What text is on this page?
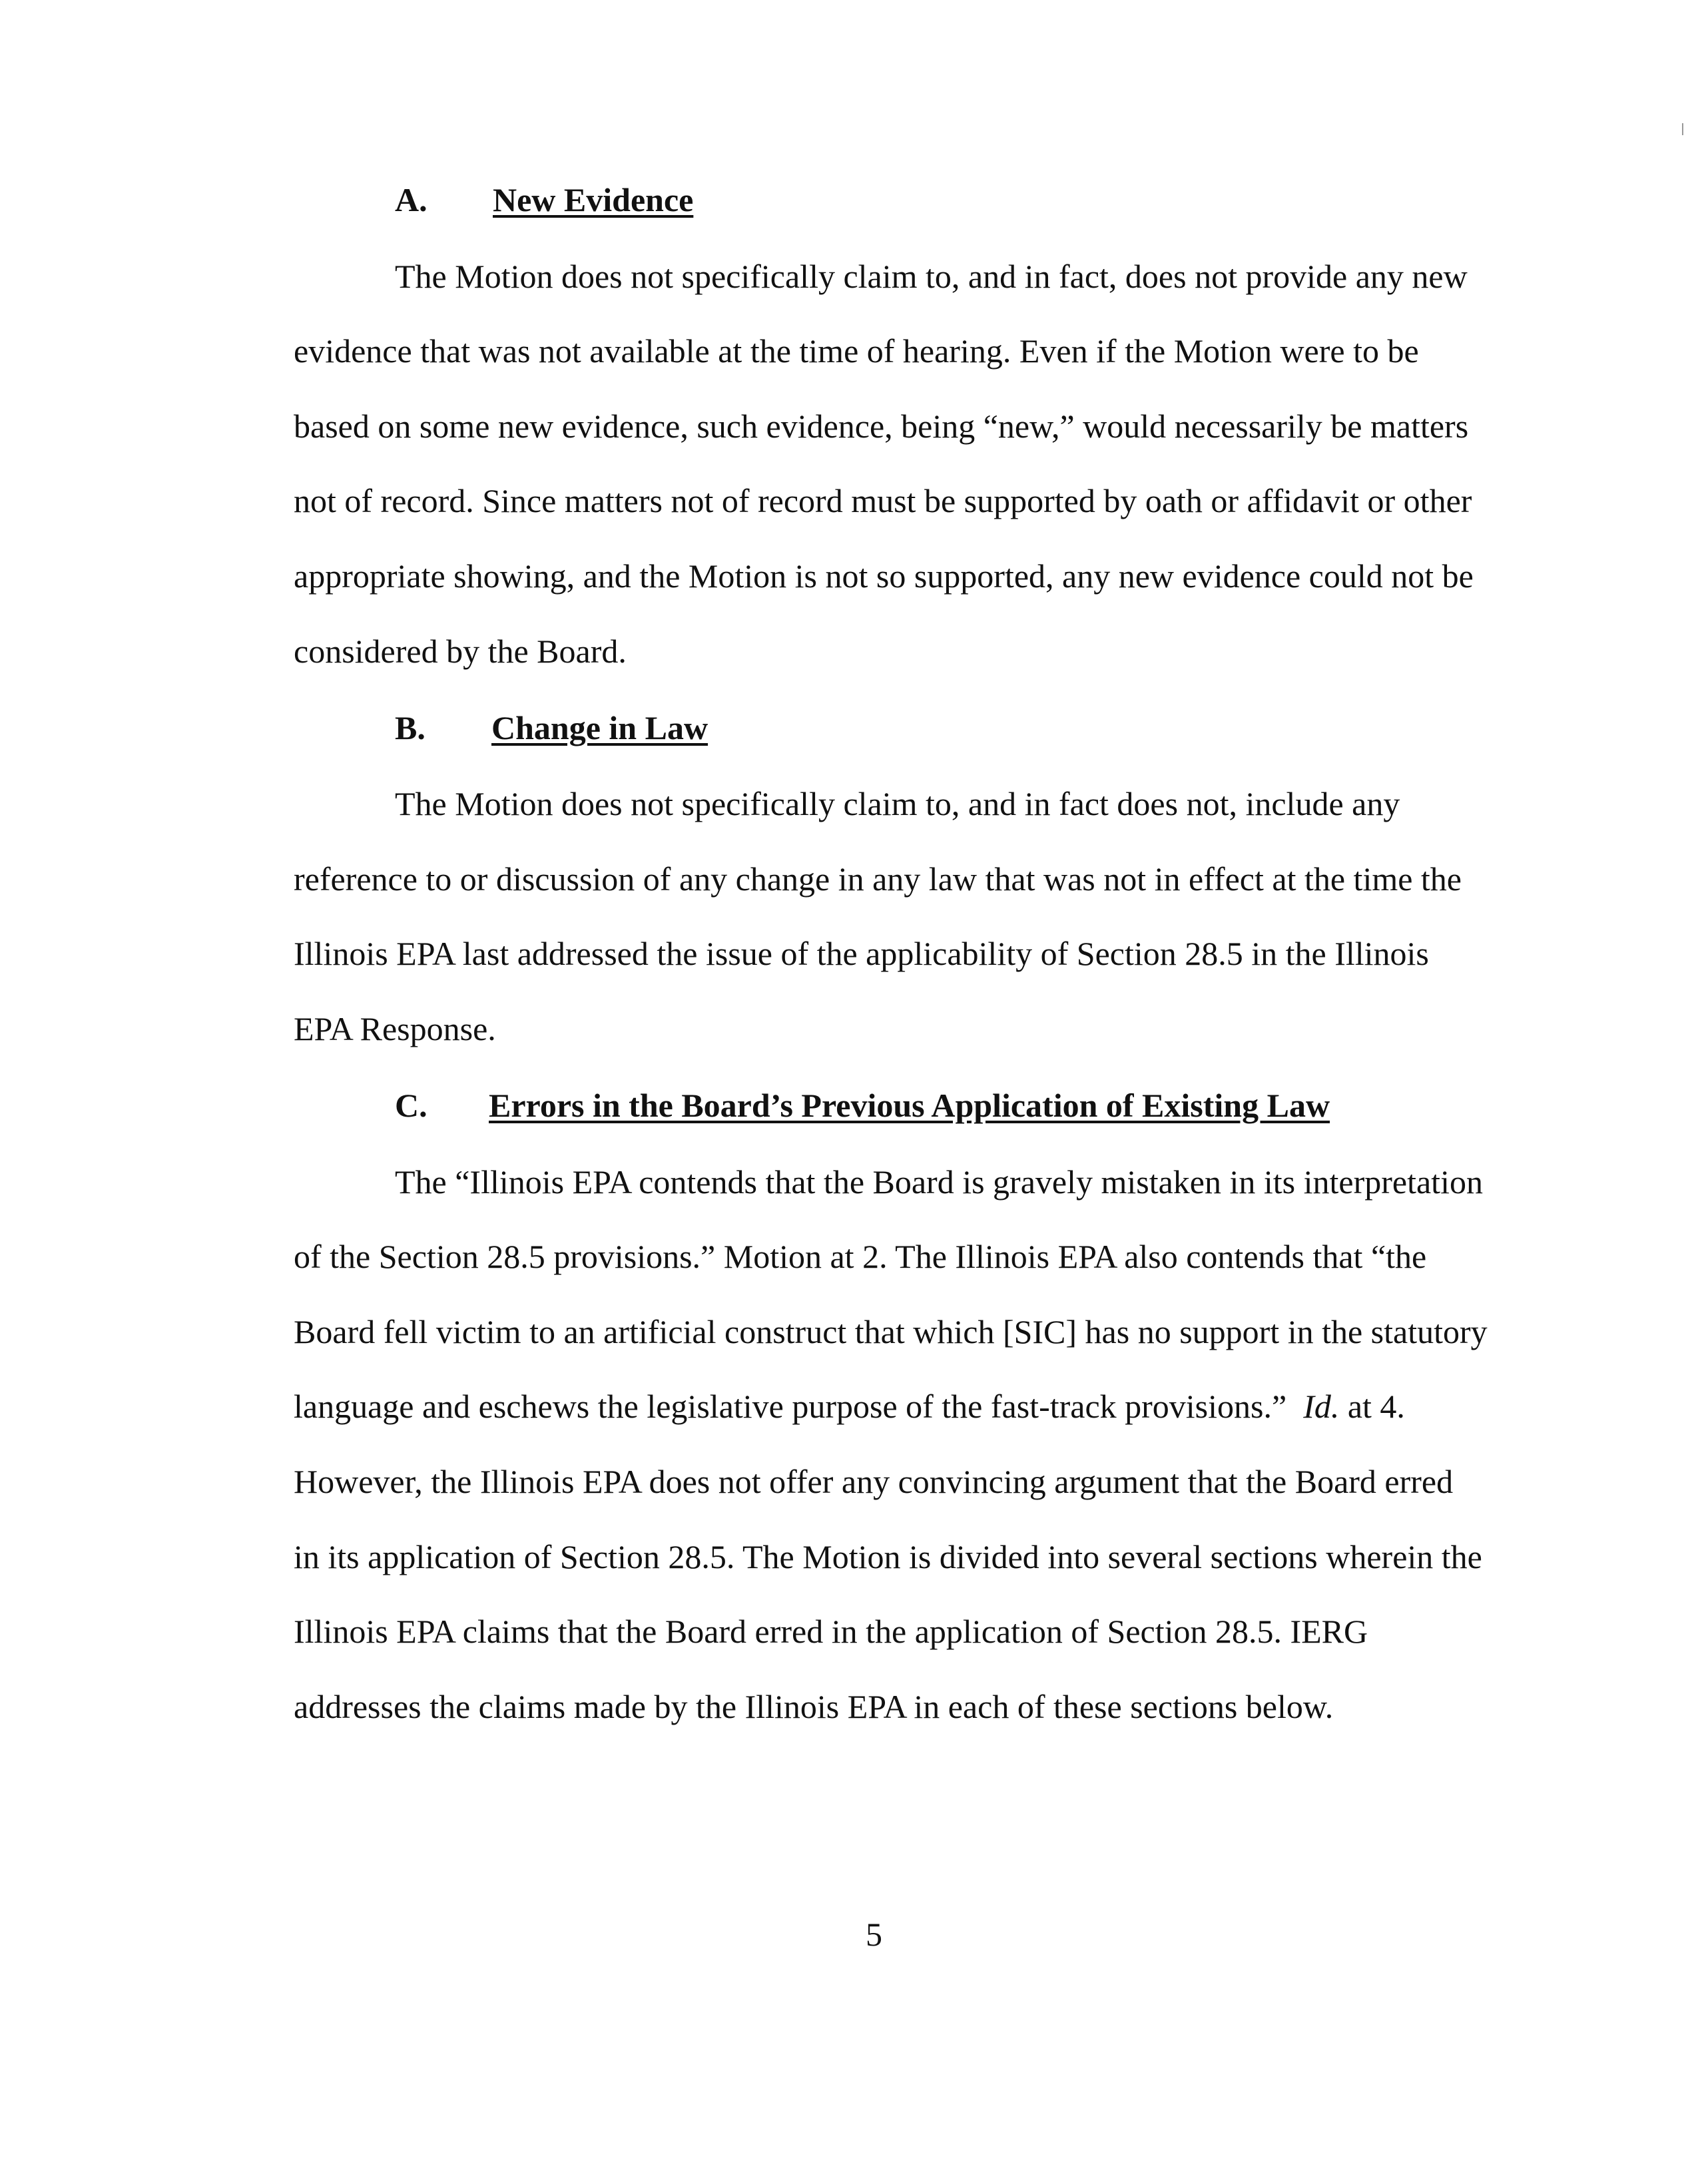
A. New Evidence
The Motion does not specifically claim to, and in fact, does not provide any new
evidence that was not available at the time of hearing. Even if the Motion were to be
based on some new evidence, such evidence, being “new,” would necessarily be matters
not of record. Since matters not of record must be supported by oath or affidavit or other
appropriate showing, and the Motion is not so supported, any new evidence could not be
considered by the Board.
B. Change in Law
The Motion does not specifically claim to, and in fact does not, include any
reference to or discussion of any change in any law that was not in effect at the time the
Illinois EPA last addressed the issue of the applicability of Section 28.5 in the Illinois
EPA Response.
C. Errors in the Board’s Previous Application of Existing Law
The “Illinois EPA contends that the Board is gravely mistaken in its interpretation
of the Section 28.5 provisions.” Motion at 2. The Illinois EPA also contends that “the
Board fell victim to an artificial construct that which [SIC] has no support in the statutory
language and eschews the legislative purpose of the fast-track provisions.” Id. at 4.
However, the Illinois EPA does not offer any convincing argument that the Board erred
in its application of Section 28.5. The Motion is divided into several sections wherein the
Illinois EPA claims that the Board erred in the application of Section 28.5. IERG
addresses the claims made by the Illinois EPA in each of these sections below.
5
